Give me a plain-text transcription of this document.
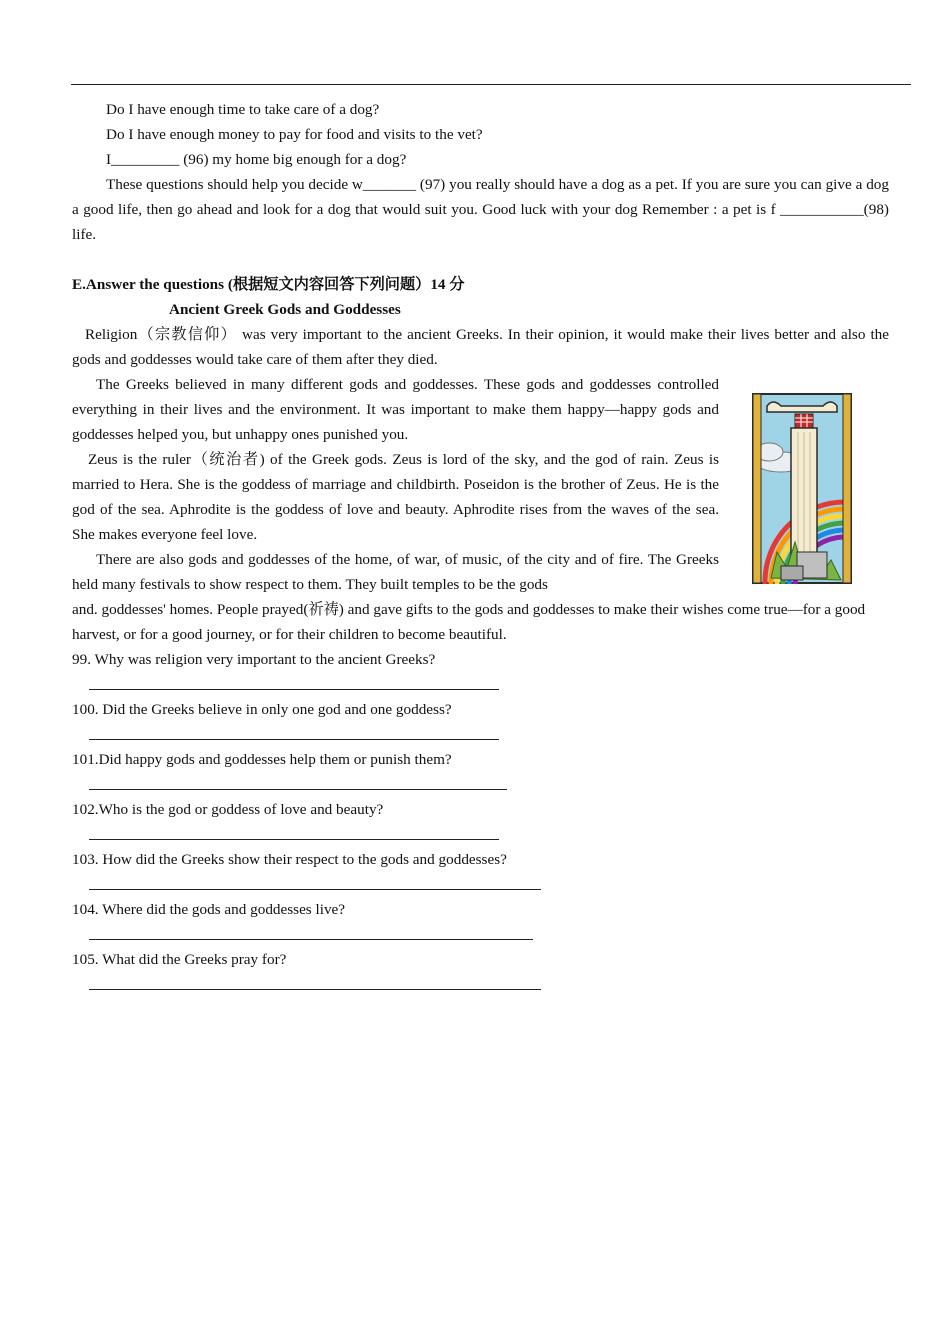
Do I have enough time to take care of a dog?

Do I have enough money to pay for food and visits to the vet?

I_________ (96) my home big enough for a dog?

These questions should help you decide w_______ (97) you really should have a dog as a pet. If you are sure you can give a dog a good life, then go ahead and look for a dog that would suit you. Good luck with your dog Remember : a pet is f ___________(98) life.

E.Answer the questions (根据短文内容回答下列问题）14 分

Ancient Greek Gods and Goddesses

Religion（宗教信仰） was very important to the ancient Greeks. In their opinion, it would make their lives better and also the gods and goddesses would take care of them after they died.

The Greeks believed in many different gods and goddesses. These gods and goddesses controlled everything in their lives and the environment. It was important to make them happy—happy gods and goddesses helped you, but unhappy ones punished you.

Zeus is the ruler（统治者) of the Greek gods. Zeus is lord of the sky, and the god of rain. Zeus is married to Hera. She is the goddess of marriage and childbirth. Poseidon is the brother of Zeus. He is the god of the sea. Aphrodite is the goddess of love and beauty. Aphrodite rises from the waves of the sea. She makes everyone feel love.

There are also gods and goddesses of the home, of war, of music, of the city and of fire. The Greeks held many festivals to show respect to them. They built temples to be the gods

and. goddesses' homes. People prayed(祈祷) and gave gifts to the gods and goddesses to make their wishes come true—for a good harvest, or for a good journey, or for their children to become beautiful.

99. Why was religion very important to the ancient Greeks?

100. Did the Greeks believe in only one god and one goddess?

101.Did happy gods and goddesses help them or punish them?

102.Who is the god or goddess of love and beauty?

103. How did the Greeks show their respect to the gods and goddesses?

104. Where did the gods and goddesses live?

105. What did the Greeks pray for?
